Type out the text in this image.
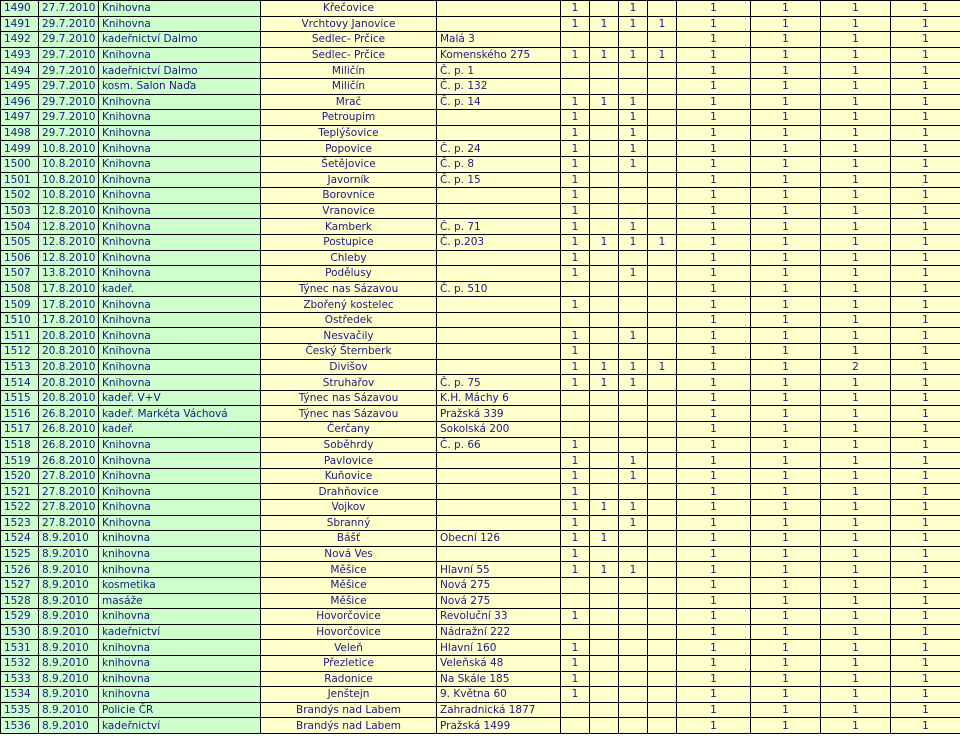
1490	27.7.2010	Knihovna	Křečovice		1		1		1	1	1	1
1491	29.7.2010	Knihovna	Vrchtovy Janovice		1	1	1	1	1	1	1	1
1492	29.7.2010	kadeřnictví Dalmo	Sedlec- Prčice	Malá 3					1	1	1	1
1493	29.7.2010	Knihovna	Sedlec- Prčice	Komenského 275	1	1	1	1	1	1	1	1
1494	29.7.2010	kadeřnictví Dalmo	Miličín	Č. p. 1					1	1	1	1
1495	29.7.2010	kosm. Salon Naďa	Miličín	Č. p. 132					1	1	1	1
1496	29.7.2010	Knihovna	Mrač	Č. p. 14	1	1	1		1	1	1	1
1497	29.7.2010	Knihovna	Petroupim		1		1		1	1	1	1
1498	29.7.2010	Knihovna	Teplýšovice		1		1		1	1	1	1
1499	10.8.2010	Knihovna	Popovice	Č. p. 24	1		1		1	1	1	1
1500	10.8.2010	Knihovna	Šetějovice	Č. p. 8	1		1		1	1	1	1
1501	10.8.2010	Knihovna	Javorník	Č. p. 15	1				1	1	1	1
1502	10.8.2010	Knihovna	Borovnice		1				1	1	1	1
1503	12.8.2010	Knihovna	Vranovice		1				1	1	1	1
1504	12.8.2010	Knihovna	Kamberk	Č. p. 71	1		1		1	1	1	1
1505	12.8.2010	Knihovna	Postupice	Č. p.203	1	1	1	1	1	1	1	1
1506	12.8.2010	Knihovna	Chleby		1				1	1	1	1
1507	13.8.2010	Knihovna	Podělusy		1		1		1	1	1	1
1508	17.8.2010	kadeř.	Týnec nas Sázavou	Č. p. 510					1	1	1	1
1509	17.8.2010	Knihovna	Zbořený kostelec		1				1	1	1	1
1510	17.8.2010	Knihovna	Ostředek						1	1	1	1
1511	20.8.2010	Knihovna	Nesvačily		1		1		1	1	1	1
1512	20.8.2010	Knihovna	Český Šternberk		1				1	1	1	1
1513	20.8.2010	Knihovna	Divišov		1	1	1	1	1	1	2	1
1514	20.8.2010	Knihovna	Struhařov	Č. p. 75	1	1	1		1	1	1	1
1515	20.8.2010	kadeř. V+V	Týnec nas Sázavou	K.H. Máchy 6					1	1	1	1
1516	26.8.2010	kadeř. Markéta Váchová	Týnec nas Sázavou	Pražská 339					1	1	1	1
1517	26.8.2010	kadeř.	Čerčany	Sokolská 200					1	1	1	1
1518	26.8.2010	Knihovna	Soběhrdy	Č. p. 66	1				1	1	1	1
1519	26.8.2010	Knihovna	Pavlovice		1		1		1	1	1	1
1520	27.8.2010	Knihovna	Kuňovice		1		1		1	1	1	1
1521	27.8.2010	Knihovna	Drahňovice		1				1	1	1	1
1522	27.8.2010	Knihovna	Vojkov		1	1	1		1	1	1	1
1523	27.8.2010	Knihovna	Sbranný		1		1		1	1	1	1
1524	8.9.2010	knihovna	Bášť	Obecní 126	1	1			1	1	1	1
1525	8.9.2010	knihovna	Nová Ves		1				1	1	1	1
1526	8.9.2010	knihovna	Měšice	Hlavní 55	1	1	1		1	1	1	1
1527	8.9.2010	kosmetika	Měšice	Nová 275					1	1	1	1
1528	8.9.2010	masáže	Měšice	Nová 275					1	1	1	1
1529	8.9.2010	knihovna	Hovorčovice	Revoluční 33	1				1	1	1	1
1530	8.9.2010	kadeřnictví	Hovorčovice	Nádražní 222					1	1	1	1
1531	8.9.2010	knihovna	Veleň	Hlavní 160	1				1	1	1	1
1532	8.9.2010	knihovna	Přezletice	Veleňská 48	1				1	1	1	1
1533	8.9.2010	knihovna	Radonice	Na Skále 185	1				1	1	1	1
1534	8.9.2010	knihovna	Jenštejn	9. Května 60	1				1	1	1	1
1535	8.9.2010	Policie ČR	Brandýs nad Labem	Zahradnická 1877					1	1	1	1
1536	8.9.2010	kadeřnictví	Brandýs nad Labem	Pražská 1499					1	1	1	1
